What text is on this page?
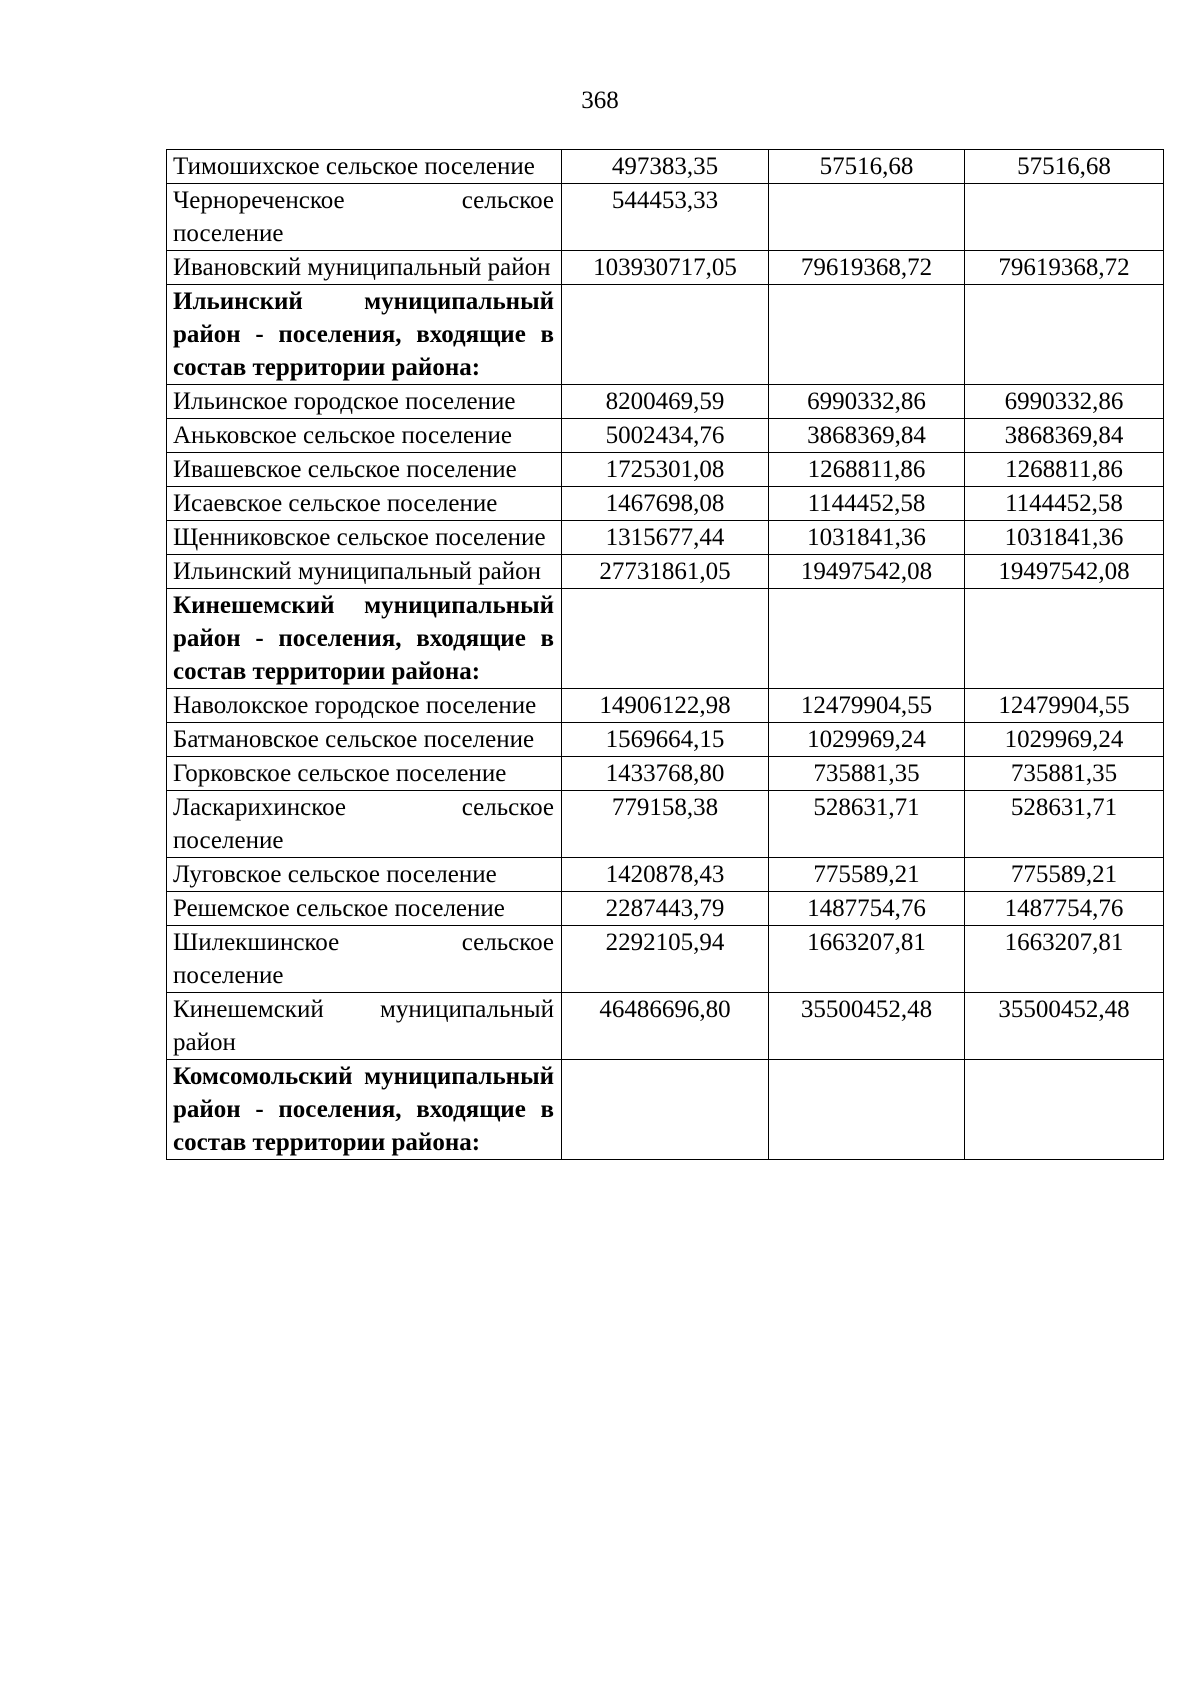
368
Тимошихское сельское поселение	497383,35	57516,68	57516,68
Чернореченское сельское поселение	544453,33		
Ивановский муниципальный район	103930717,05	79619368,72	79619368,72
Ильинский муниципальный район - поселения, входящие в состав территории района:			
Ильинское городское поселение	8200469,59	6990332,86	6990332,86
Аньковское сельское поселение	5002434,76	3868369,84	3868369,84
Ивашевское сельское поселение	1725301,08	1268811,86	1268811,86
Исаевское сельское поселение	1467698,08	1144452,58	1144452,58
Щенниковское сельское поселение	1315677,44	1031841,36	1031841,36
Ильинский муниципальный район	27731861,05	19497542,08	19497542,08
Кинешемский муниципальный район - поселения, входящие в состав территории района:			
Наволокское городское поселение	14906122,98	12479904,55	12479904,55
Батмановское сельское поселение	1569664,15	1029969,24	1029969,24
Горковское сельское поселение	1433768,80	735881,35	735881,35
Ласкарихинское сельское поселение	779158,38	528631,71	528631,71
Луговское сельское поселение	1420878,43	775589,21	775589,21
Решемское сельское поселение	2287443,79	1487754,76	1487754,76
Шилекшинское сельское поселение	2292105,94	1663207,81	1663207,81
Кинешемский муниципальный район	46486696,80	35500452,48	35500452,48
Комсомольский муниципальный район - поселения, входящие в состав территории района:			
